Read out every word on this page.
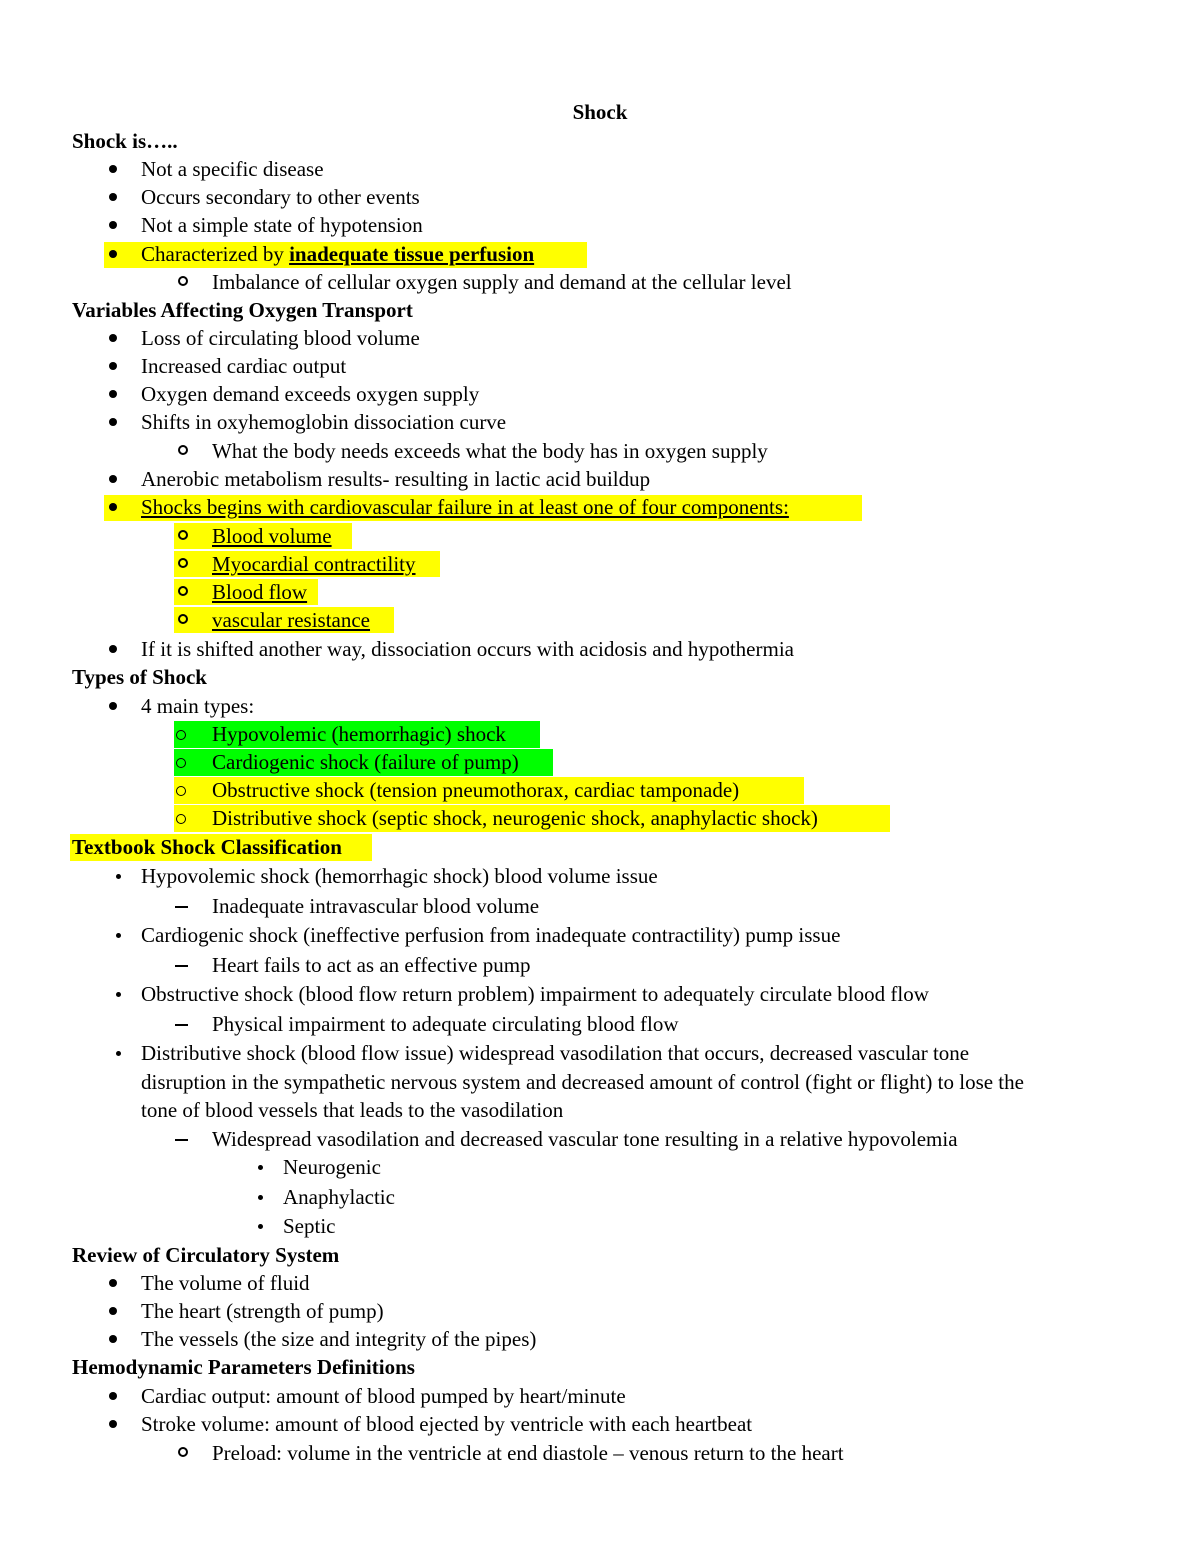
Shock
Shock is…..
Not a specific disease
Occurs secondary to other events
Not a simple state of hypotension
Characterized by inadequate tissue perfusion
Imbalance of cellular oxygen supply and demand at the cellular level
Variables Affecting Oxygen Transport
Loss of circulating blood volume
Increased cardiac output
Oxygen demand exceeds oxygen supply
Shifts in oxyhemoglobin dissociation curve
What the body needs exceeds what the body has in oxygen supply
Anerobic metabolism results- resulting in lactic acid buildup
Shocks begins with cardiovascular failure in at least one of four components:
Blood volume
Myocardial contractility
Blood flow
vascular resistance
If it is shifted another way, dissociation occurs with acidosis and hypothermia
Types of Shock
4 main types:
Hypovolemic (hemorrhagic) shock
Cardiogenic shock (failure of pump)
Obstructive shock (tension pneumothorax, cardiac tamponade)
Distributive shock (septic shock, neurogenic shock, anaphylactic shock)
Textbook Shock Classification
Hypovolemic shock (hemorrhagic shock) blood volume issue
Inadequate intravascular blood volume
Cardiogenic shock (ineffective perfusion from inadequate contractility) pump issue
Heart fails to act as an effective pump
Obstructive shock (blood flow return problem) impairment to adequately circulate blood flow
Physical impairment to adequate circulating blood flow
Distributive shock (blood flow issue) widespread vasodilation that occurs, decreased vascular tone
disruption in the sympathetic nervous system and decreased amount of control (fight or flight) to lose the
tone of blood vessels that leads to the vasodilation
Widespread vasodilation and decreased vascular tone resulting in a relative hypovolemia
Neurogenic
Anaphylactic
Septic
Review of Circulatory System
The volume of fluid
The heart (strength of pump)
The vessels (the size and integrity of the pipes)
Hemodynamic Parameters Definitions
Cardiac output: amount of blood pumped by heart/minute
Stroke volume: amount of blood ejected by ventricle with each heartbeat
Preload: volume in the ventricle at end diastole – venous return to the heart
